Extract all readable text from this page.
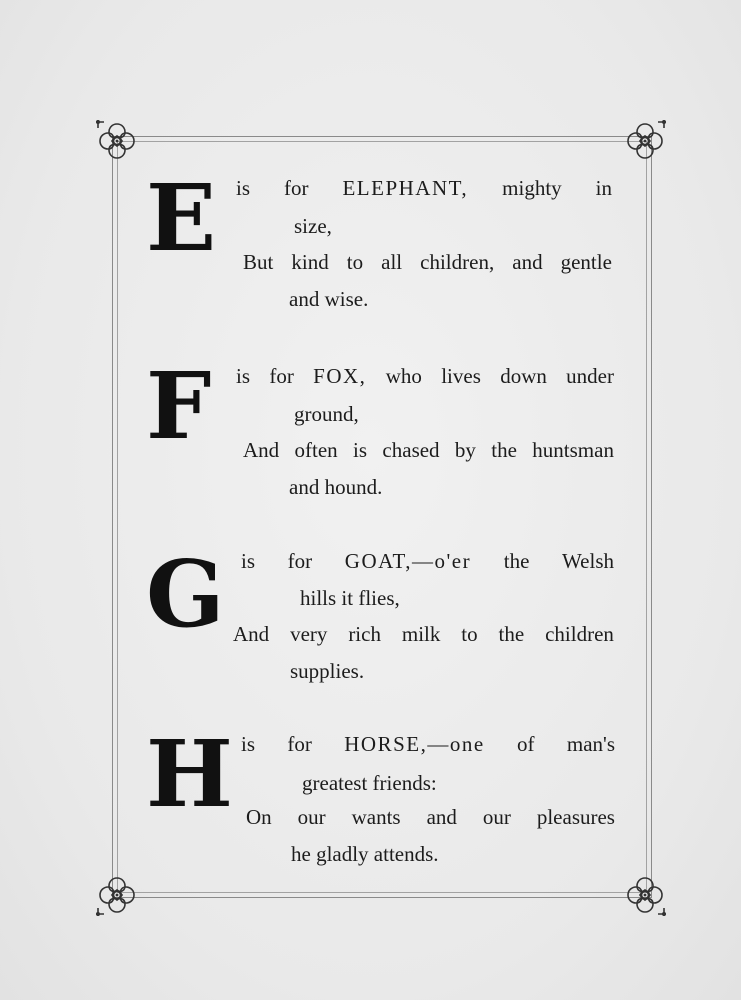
E is for ELEPHANT, mighty in
size,
But kind to all children, and gentle
and wise.
F is for FOX, who lives down under
ground,
And often is chased by the huntsman
and hound.
G is for GOAT,—o'er the Welsh
hills it flies,
And very rich milk to the children
supplies.
H is for HORSE,—one of man's
greatest friends:
On our wants and our pleasures
he gladly attends.
